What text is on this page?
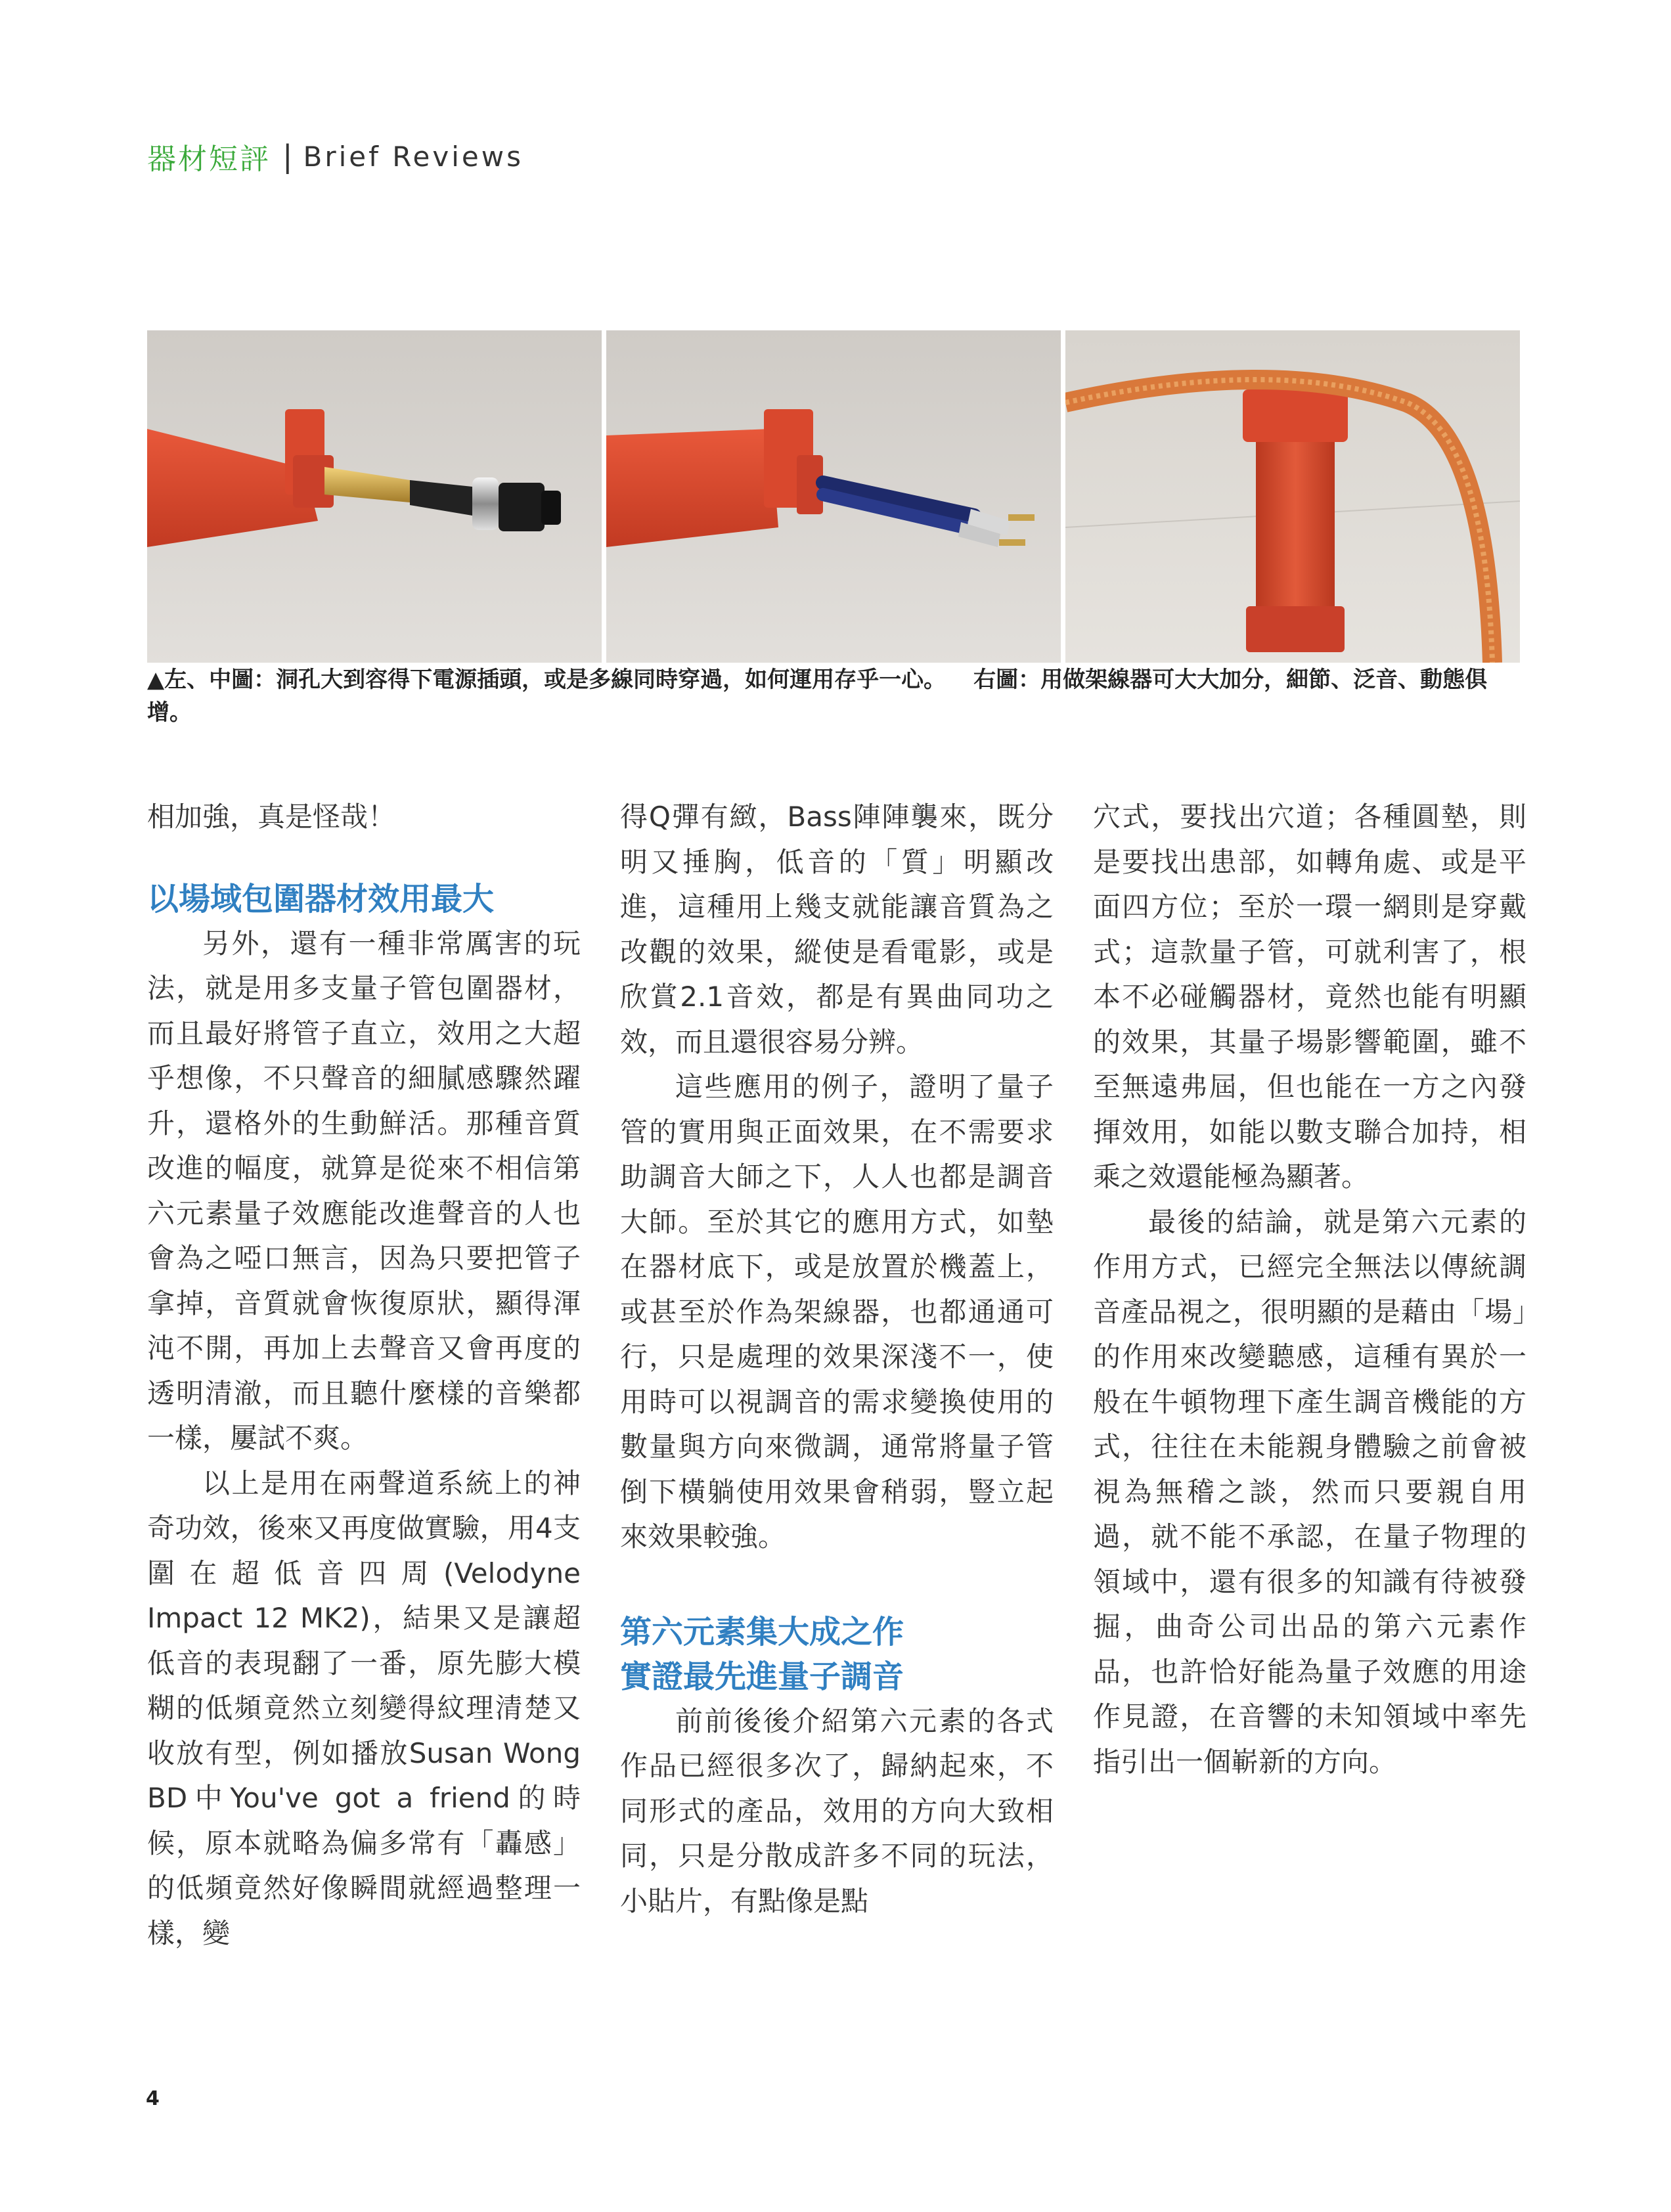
器材短評 | Brief Reviews
▲左、中圖：洞孔大到容得下電源插頭，或是多線同時穿過，如何運用存乎一心。 右圖：用做架線器可大大加分，細節、泛音、動態俱增。

相加強，真是怪哉！

以場域包圍器材效用最大

另外，還有一種非常厲害的玩法，就是用多支量子管包圍器材，而且最好將管子直立，效用之大超乎想像，不只聲音的細膩感驟然躍升，還格外的生動鮮活。那種音質改進的幅度，就算是從來不相信第六元素量子效應能改進聲音的人也會為之啞口無言，因為只要把管子拿掉，音質就會恢復原狀，顯得渾沌不開，再加上去聲音又會再度的透明清澈，而且聽什麼樣的音樂都一樣，屢試不爽。

以上是用在兩聲道系統上的神奇功效，後來又再度做實驗，用4支圍在超低音四周(Velodyne Impact 12 MK2)，結果又是讓超低音的表現翻了一番，原先膨大模糊的低頻竟然立刻變得紋理清楚又收放有型，例如播放Susan Wong BD中You've got a friend的時候，原本就略為偏多常有「轟感」的低頻竟然好像瞬間就經過整理一樣，變

得Q彈有緻，Bass陣陣襲來，既分明又捶胸，低音的「質」明顯改進，這種用上幾支就能讓音質為之改觀的效果，縱使是看電影，或是欣賞2.1音效，都是有異曲同功之效，而且還很容易分辨。

這些應用的例子，證明了量子管的實用與正面效果，在不需要求助調音大師之下，人人也都是調音大師。至於其它的應用方式，如墊在器材底下，或是放置於機蓋上，或甚至於作為架線器，也都通通可行，只是處理的效果深淺不一，使用時可以視調音的需求變換使用的數量與方向來微調，通常將量子管倒下橫躺使用效果會稍弱，豎立起來效果較強。

第六元素集大成之作
實證最先進量子調音

前前後後介紹第六元素的各式作品已經很多次了，歸納起來，不同形式的產品，效用的方向大致相同，只是分散成許多不同的玩法，小貼片，有點像是點

穴式，要找出穴道；各種圓墊，則是要找出患部，如轉角處、或是平面四方位；至於一環一網則是穿戴式；這款量子管，可就利害了，根本不必碰觸器材，竟然也能有明顯的效果，其量子場影響範圍，雖不至無遠弗屆，但也能在一方之內發揮效用，如能以數支聯合加持，相乘之效還能極為顯著。

最後的結論，就是第六元素的作用方式，已經完全無法以傳統調音產品視之，很明顯的是藉由「場」的作用來改變聽感，這種有異於一般在牛頓物理下產生調音機能的方式，往往在未能親身體驗之前會被視為無稽之談，然而只要親自用過，就不能不承認，在量子物理的領域中，還有很多的知識有待被發掘，曲奇公司出品的第六元素作品，也許恰好能為量子效應的用途作見證，在音響的未知領域中率先指引出一個嶄新的方向。

4
